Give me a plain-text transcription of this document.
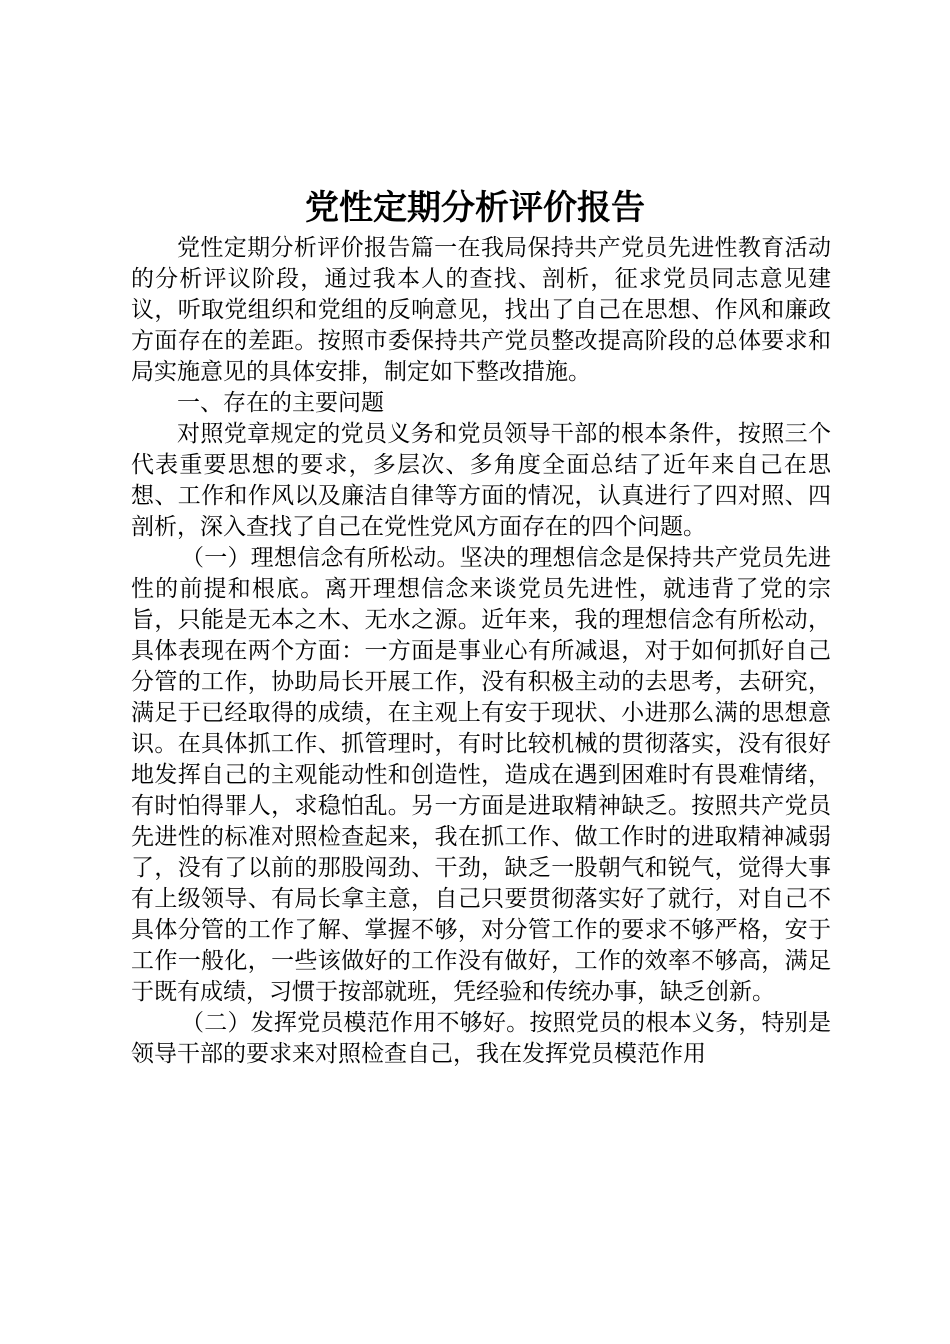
党性定期分析评价报告

党性定期分析评价报告篇一在我局保持共产党员先进性教育活动的分析评议阶段，通过我本人的查找、剖析，征求党员同志意见建议，听取党组织和党组的反响意见，找出了自己在思想、作风和廉政方面存在的差距。按照市委保持共产党员整改提高阶段的总体要求和局实施意见的具体安排，制定如下整改措施。

一、存在的主要问题

对照党章规定的党员义务和党员领导干部的根本条件，按照三个代表重要思想的要求，多层次、多角度全面总结了近年来自己在思想、工作和作风以及廉洁自律等方面的情况，认真进行了四对照、四剖析，深入查找了自己在党性党风方面存在的四个问题。

（一）理想信念有所松动。坚决的理想信念是保持共产党员先进性的前提和根底。离开理想信念来谈党员先进性，就违背了党的宗旨，只能是无本之木、无水之源。近年来，我的理想信念有所松动，具体表现在两个方面：一方面是事业心有所减退，对于如何抓好自己分管的工作，协助局长开展工作，没有积极主动的去思考，去研究，满足于已经取得的成绩，在主观上有安于现状、小进那么满的思想意识。在具体抓工作、抓管理时，有时比较机械的贯彻落实，没有很好地发挥自己的主观能动性和创造性，造成在遇到困难时有畏难情绪，有时怕得罪人，求稳怕乱。另一方面是进取精神缺乏。按照共产党员先进性的标准对照检查起来，我在抓工作、做工作时的进取精神减弱了，没有了以前的那股闯劲、干劲，缺乏一股朝气和锐气，觉得大事有上级领导、有局长拿主意，自己只要贯彻落实好了就行，对自己不具体分管的工作了解、掌握不够，对分管工作的要求不够严格，安于工作一般化，一些该做好的工作没有做好，工作的效率不够高，满足于既有成绩，习惯于按部就班，凭经验和传统办事，缺乏创新。

（二）发挥党员模范作用不够好。按照党员的根本义务，特别是领导干部的要求来对照检查自己，我在发挥党员模范作用
